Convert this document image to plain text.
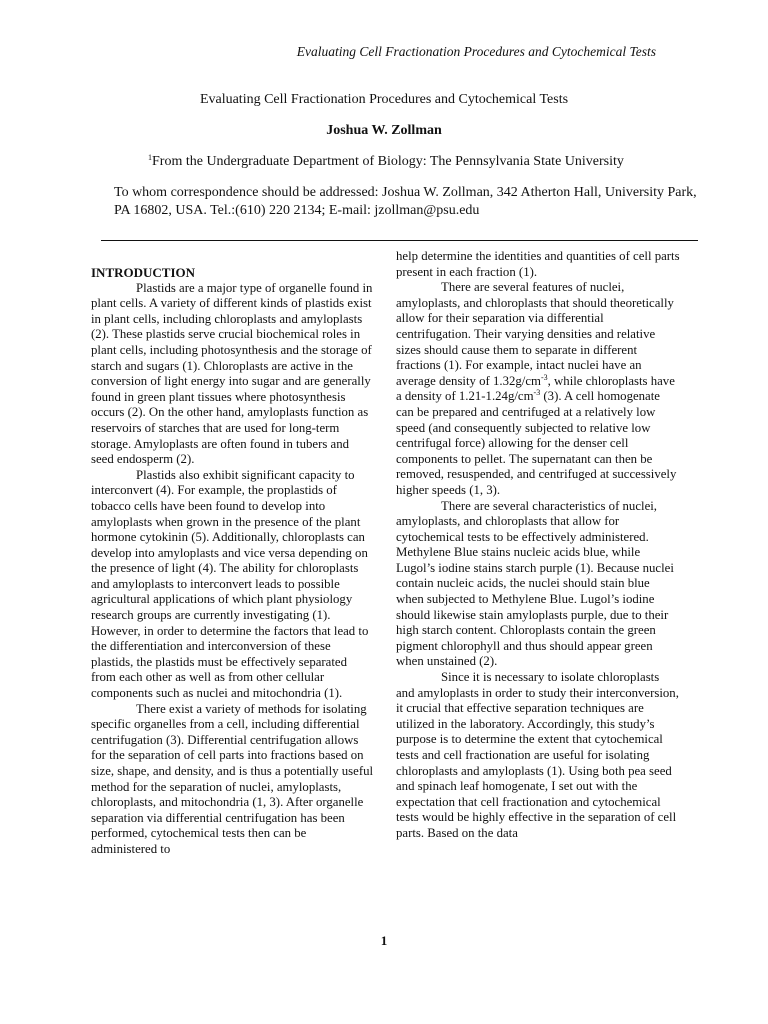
Evaluating Cell Fractionation Procedures and Cytochemical Tests
Evaluating Cell Fractionation Procedures and Cytochemical Tests
Joshua W. Zollman
$^1$From the Undergraduate Department of Biology: The Pennsylvania State University
To whom correspondence should be addressed: Joshua W. Zollman, 342 Atherton Hall, University Park, PA 16802, USA. Tel.:(610) 220 2134; E-mail: jzollman@psu.edu

INTRODUCTION

Plastids are a major type of organelle found in plant cells. A variety of different kinds of plastids exist in plant cells, including chloroplasts and amyloplasts (2). These plastids serve crucial biochemical roles in plant cells, including photosynthesis and the storage of starch and sugars (1). Chloroplasts are active in the conversion of light energy into sugar and are generally found in green plant tissues where photosynthesis occurs (2). On the other hand, amyloplasts function as reservoirs of starches that are used for long-term storage. Amyloplasts are often found in tubers and seed endosperm (2).

Plastids also exhibit significant capacity to interconvert (4). For example, the proplastids of tobacco cells have been found to develop into amyloplasts when grown in the presence of the plant hormone cytokinin (5). Additionally, chloroplasts can develop into amyloplasts and vice versa depending on the presence of light (4). The ability for chloroplasts and amyloplasts to interconvert leads to possible agricultural applications of which plant physiology research groups are currently investigating (1). However, in order to determine the factors that lead to the differentiation and interconversion of these plastids, the plastids must be effectively separated from each other as well as from other cellular components such as nuclei and mitochondria (1).

There exist a variety of methods for isolating specific organelles from a cell, including differential centrifugation (3). Differential centrifugation allows for the separation of cell parts into fractions based on size, shape, and density, and is thus a potentially useful method for the separation of nuclei, amyloplasts, chloroplasts, and mitochondria (1, 3). After organelle separation via differential centrifugation has been performed, cytochemical tests then can be administered to

help determine the identities and quantities of cell parts present in each fraction (1).

There are several features of nuclei, amyloplasts, and chloroplasts that should theoretically allow for their separation via differential centrifugation. Their varying densities and relative sizes should cause them to separate in different fractions (1). For example, intact nuclei have an average density of $1.32g/cm^{-3}$, while chloroplasts have a density of $1.21-1.24g/cm^{-3}$ (3). A cell homogenate can be prepared and centrifuged at a relatively low speed (and consequently subjected to relative low centrifugal force) allowing for the denser cell components to pellet. The supernatant can then be removed, resuspended, and centrifuged at successively higher speeds (1, 3).

There are several characteristics of nuclei, amyloplasts, and chloroplasts that allow for cytochemical tests to be effectively administered. Methylene Blue stains nucleic acids blue, while Lugol’s iodine stains starch purple (1). Because nuclei contain nucleic acids, the nuclei should stain blue when subjected to Methylene Blue. Lugol’s iodine should likewise stain amyloplasts purple, due to their high starch content. Chloroplasts contain the green pigment chlorophyll and thus should appear green when unstained (2).

Since it is necessary to isolate chloroplasts and amyloplasts in order to study their interconversion, it crucial that effective separation techniques are utilized in the laboratory. Accordingly, this study’s purpose is to determine the extent that cytochemical tests and cell fractionation are useful for isolating chloroplasts and amyloplasts (1). Using both pea seed and spinach leaf homogenate, I set out with the expectation that cell fractionation and cytochemical tests would be highly effective in the separation of cell parts. Based on the data

1
